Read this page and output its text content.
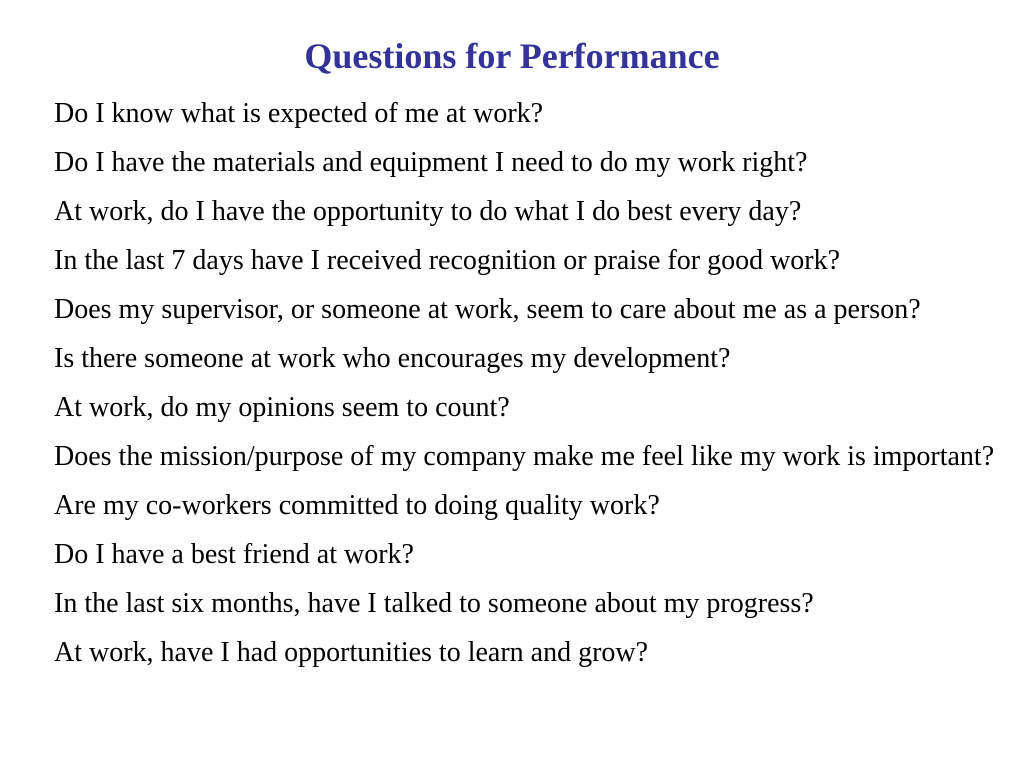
Questions for Performance
Do I know what is expected of me at work?
Do I have the materials and equipment I need to do my work right?
At work, do I have the opportunity to do what I do best every day?
In the last 7 days have I received recognition or praise for good work?
Does my supervisor, or someone at work, seem to care about me as a person?
Is there someone at work who encourages my development?
At work, do my opinions seem to count?
Does the mission/purpose of my company make me feel like my work is important?
Are my co-workers committed to doing quality work?
Do I have a best friend at work?
In the last six months, have I talked to someone about my progress?
At work, have I had opportunities to learn and grow?
